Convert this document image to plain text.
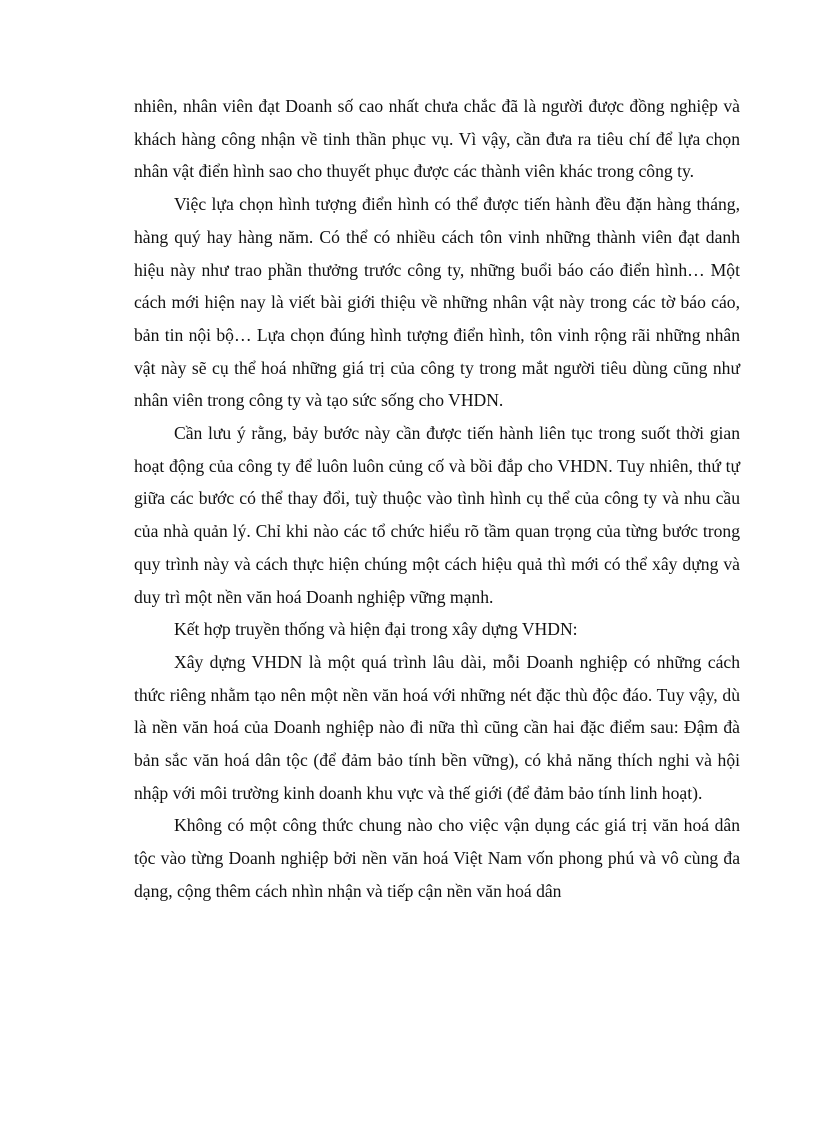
nhiên, nhân viên đạt Doanh số cao nhất chưa chắc đã là người được đồng nghiệp và khách hàng công nhận về tinh thần phục vụ. Vì vậy, cần đưa ra tiêu chí để lựa chọn nhân vật điển hình sao cho thuyết phục được các thành viên khác trong công ty.

Việc lựa chọn hình tượng điển hình có thể được tiến hành đều đặn hàng tháng, hàng quý hay hàng năm. Có thể có nhiều cách tôn vinh những thành viên đạt danh hiệu này như trao phần thưởng trước công ty, những buổi báo cáo điển hình… Một cách mới hiện nay là viết bài giới thiệu về những nhân vật này trong các tờ báo cáo, bản tin nội bộ… Lựa chọn đúng hình tượng điển hình, tôn vinh rộng rãi những nhân vật này sẽ cụ thể hoá những giá trị của công ty trong mắt người tiêu dùng cũng như nhân viên trong công ty và tạo sức sống cho VHDN.

Cần lưu ý rằng, bảy bước này cần được tiến hành liên tục trong suốt thời gian hoạt động của công ty để luôn luôn củng cố và bồi đắp cho VHDN. Tuy nhiên, thứ tự giữa các bước có thể thay đổi, tuỳ thuộc vào tình hình cụ thể của công ty và nhu cầu của nhà quản lý. Chỉ khi nào các tổ chức hiểu rõ tầm quan trọng của từng bước trong quy trình này và cách thực hiện chúng một cách hiệu quả thì mới có thể xây dựng và duy trì một nền văn hoá Doanh nghiệp vững mạnh.

Kết hợp truyền thống và hiện đại trong xây dựng VHDN:

Xây dựng VHDN là một quá trình lâu dài, mỗi Doanh nghiệp có những cách thức riêng nhằm tạo nên một nền văn hoá với những nét đặc thù độc đáo. Tuy vậy, dù là nền văn hoá của Doanh nghiệp nào đi nữa thì cũng cần hai đặc điểm sau: Đậm đà bản sắc văn hoá dân tộc (để đảm bảo tính bền vững), có khả năng thích nghi và hội nhập với môi trường kinh doanh khu vực và thế giới (để đảm bảo tính linh hoạt).

Không có một công thức chung nào cho việc vận dụng các giá trị văn hoá dân tộc vào từng Doanh nghiệp bởi nền văn hoá Việt Nam vốn phong phú và vô cùng đa dạng, cộng thêm cách nhìn nhận và tiếp cận nền văn hoá dân
